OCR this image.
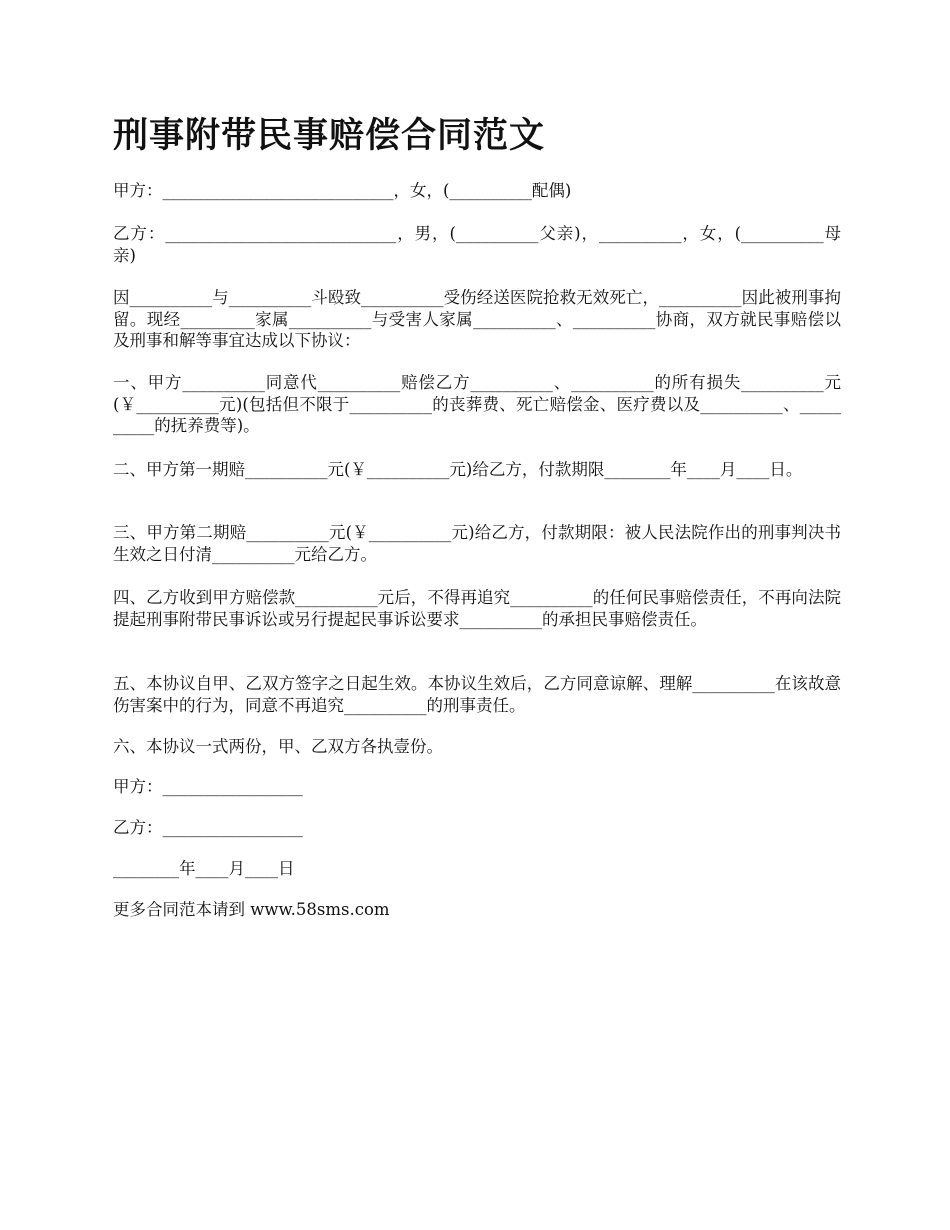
刑事附带民事赔偿合同范文

甲方：____________________________，女，(__________配偶)

乙方：____________________________，男，(__________父亲)，__________，女，(__________母亲)

因__________与__________斗殴致__________受伤经送医院抢救无效死亡，__________因此被刑事拘留。现经_________家属__________与受害人家属__________、__________协商，双方就民事赔偿以及刑事和解等事宜达成以下协议：

一、甲方__________同意代__________赔偿乙方__________、__________的所有损失__________元(￥__________元)(包括但不限于__________的丧葬费、死亡赔偿金、医疗费以及__________、__________的抚养费等)。

二、甲方第一期赔__________元(￥__________元)给乙方，付款期限________年____月____日。

三、甲方第二期赔__________元(￥__________元)给乙方，付款期限：被人民法院作出的刑事判决书生效之日付清__________元给乙方。

四、乙方收到甲方赔偿款__________元后，不得再追究__________的任何民事赔偿责任，不再向法院提起刑事附带民事诉讼或另行提起民事诉讼要求__________的承担民事赔偿责任。

五、本协议自甲、乙双方签字之日起生效。本协议生效后，乙方同意谅解、理解__________在该故意伤害案中的行为，同意不再追究__________的刑事责任。

六、本协议一式两份，甲、乙双方各执壹份。

甲方：_________________

乙方：_________________

________年____月____日

更多合同范本请到 www.58sms.com
